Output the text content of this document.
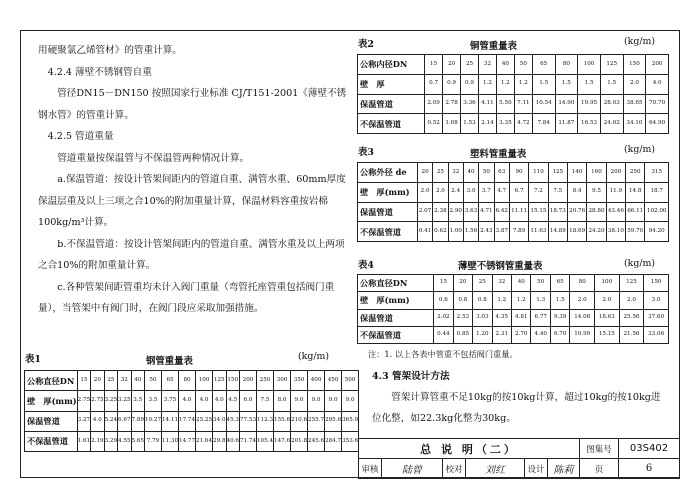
用硬聚氯乙烯管材》的管重计算。

4.2.4 薄壁不锈钢管自重

管径DN15－DN150 按照国家行业标准 CJ/T151-2001《薄壁不锈钢水管》的管重计算。

4.2.5 管道重量

管道重量按保温管与不保温管两种情况计算。

a.保温管道：按设计管架间距内的管道自重、满管水重、60mm厚度保温层重及以上三项之合10%的附加重量计算，保温材料容重按岩棉100kg/m³计算。

b.不保温管道：按设计管架间距内的管道自重、满管水重及以上两项之合10%的附加重量计算。

c.各种管架间距管重均未计入阀门重量（弯管托座管重包括阀门重量），当管架中有阀门时，在阀门段应采取加强措施。

表1	钢管重量表	(kg/m)
表2	铜管重量表	(kg/m)
表3	塑料管重量表	(kg/m)
表4	薄壁不锈钢管重量表	(kg/m)
公称直径DN	15	20	25	32	40	50	65	80	100	125	150	200	250	300	350	400	450	500
壁　厚(mm)	2.75	2.75	3.25	3.25	3.5	3.5	3.75	4.0	4.0	4.0	4.5	6.0	7.5	8.0	9.0	9.0	9.0	9.0
保温管道	3.27	4.0	5.24	6.67	7.89	10.27	14.11	17.74	25.25	34.0	45.3	77.53	112.3	155.6	210.6	255.7	295.6	365.9
不保温管道	1.61	2.19	3.29	4.55	5.65	7.79	11.30	14.77	21.64	29.8	40.6	71.74	105.4	147.6	201.8	245.6	284.7	353.6
公称内径DN	15	20	25	32	40	50	65	80	100	125	150	200
壁　厚	0.7	0.9	0.9	1.2	1.2	1.2	1.5	1.5	1.5	1.5	2.0	4.0
保温管道	2.09	2.78	3.36	4.11	5.50	7.11	10.54	14.90	19.95	28.03	38.65	70.70
不保温管道	0.52	1.08	1.53	2.14	3.35	4.72	7.84	11.87	16.53	24.02	34.10	64.90
公称外径 de	20	25	32	40	50	63	90	110	125	140	160	200	250	315
壁　厚(mm)	2.0	2.0	2.4	3.0	3.7	4.7	6.7	7.2	7.5	8.4	9.5	11.9	14.8	18.7
保温管道	2.07	2.38	2.90	3.63	4.71	6.42	11.11	15.15	18.73	20.76	28.80	43.46	66.11	102.00
不保温管道	0.41	0.62	1.00	1.56	2.43	3.87	7.89	11.63	14.89	18.69	24.20	38.10	59.70	94.20
公称直径DN	15	20	25	32	40	50	65	80	100	125	150
壁　厚(mm)	0.6	0.8	0.8	1.2	1.2	1.3	1.5	2.0	2.0	2.0	3.0
保温管道	2.02	2.53	3.03	4.35	4.81	6.77	9.39	14.08	18.63	25.56	37.60
不保温管道	0.44	0.85	1.20	2.31	2.70	4.40	6.70	10.99	15.15	21.56	33.06
注：1. 以上各表中管重不包括阀门重量。
4.3 管架设计方法
管架计算管重不足10kg的按10kg计算，超过10kg的按10kg进位化整，如22.3kg化整为30kg。
总 说 明（二）						图集号	03S402
审核	陆曾	校对	刘红	设计	陈莉	页	6
